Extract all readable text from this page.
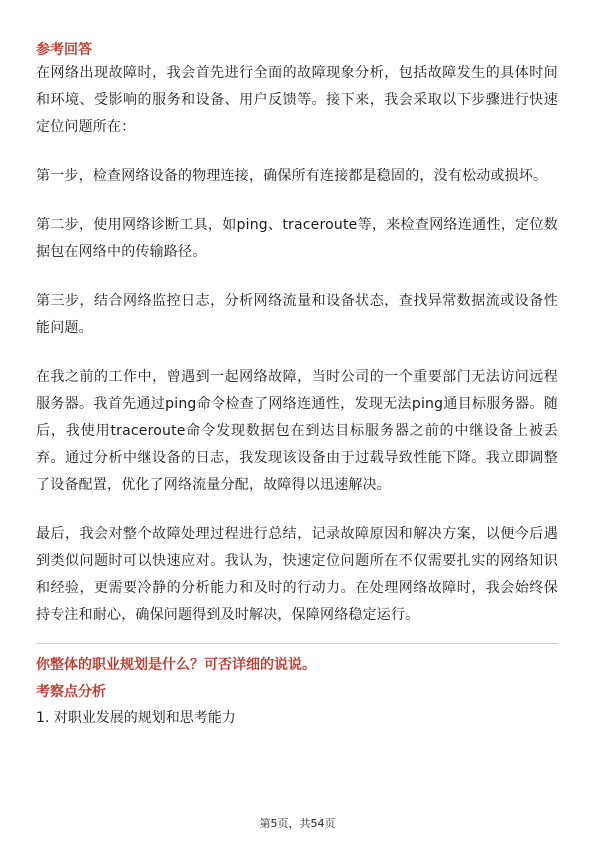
参考回答

在网络出现故障时，我会首先进行全面的故障现象分析，包括故障发生的具体时间和环境、受影响的服务和设备、用户反馈等。接下来，我会采取以下步骤进行快速定位问题所在：

第一步，检查网络设备的物理连接，确保所有连接都是稳固的，没有松动或损坏。

第二步，使用网络诊断工具，如ping、traceroute等，来检查网络连通性，定位数据包在网络中的传输路径。

第三步，结合网络监控日志，分析网络流量和设备状态，查找异常数据流或设备性能问题。

在我之前的工作中，曾遇到一起网络故障，当时公司的一个重要部门无法访问远程服务器。我首先通过ping命令检查了网络连通性，发现无法ping通目标服务器。随后，我使用traceroute命令发现数据包在到达目标服务器之前的中继设备上被丢弃。通过分析中继设备的日志，我发现该设备由于过载导致性能下降。我立即调整了设备配置，优化了网络流量分配，故障得以迅速解决。

最后，我会对整个故障处理过程进行总结，记录故障原因和解决方案，以便今后遇到类似问题时可以快速应对。我认为，快速定位问题所在不仅需要扎实的网络知识和经验，更需要冷静的分析能力和及时的行动力。在处理网络故障时，我会始终保持专注和耐心，确保问题得到及时解决，保障网络稳定运行。

你整体的职业规划是什么？可否详细的说说。

考察点分析

1. 对职业发展的规划和思考能力

第5页，共54页
